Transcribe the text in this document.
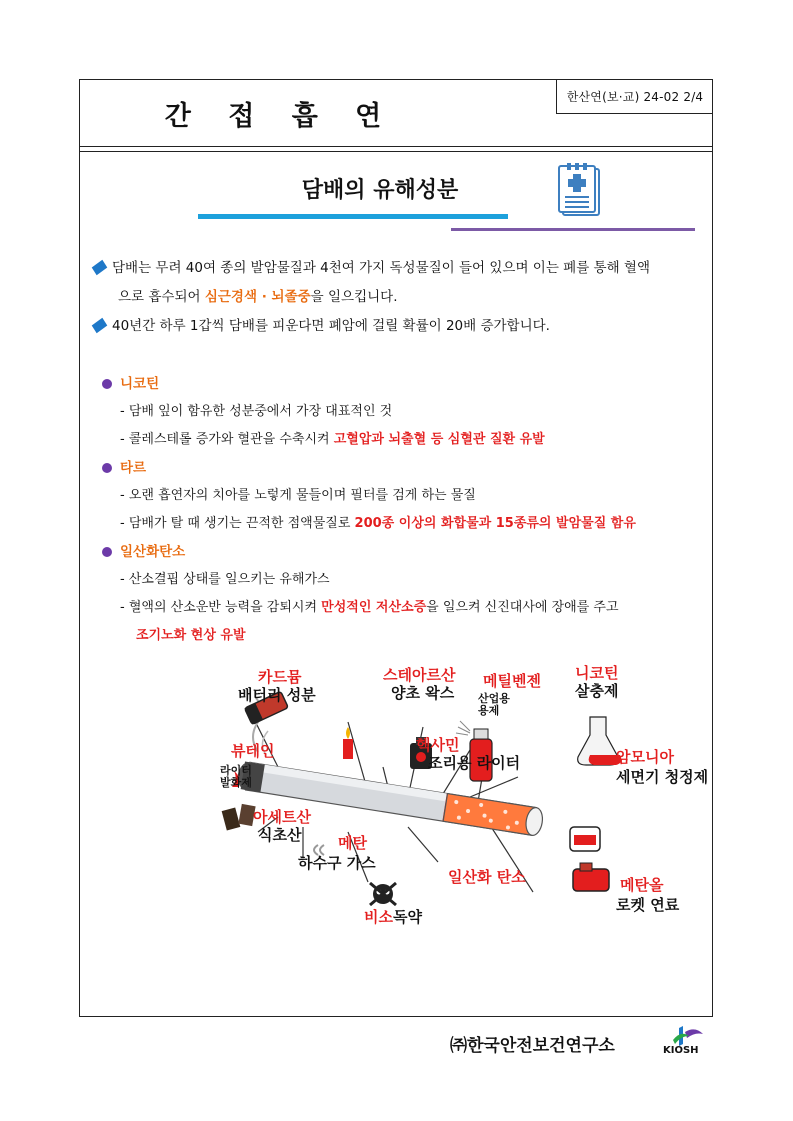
간 접 흡 연
한산연(보·교) 24-02 2/4
담배의 유해성분
담배는 무려 40여 종의 발암물질과 4천여 가지 독성물질이 들어 있으며 이는 폐를 통해 혈액
으로 흡수되어 심근경색 · 뇌졸중을 일으킵니다.
40년간 하루 1갑씩 담배를 피운다면 폐암에 걸릴 확률이 20배 증가합니다.
니코틴
- 담배 잎이 함유한 성분중에서 가장 대표적인 것
- 콜레스테롤 증가와 혈관을 수축시켜 고혈압과 뇌출혈 등 심혈관 질환 유발
타르
- 오랜 흡연자의 치아를 노렇게 물들이며 필터를 검게 하는 물질
- 담배가 탈 때 생기는 끈적한 점액물질로 200종 이상의 화합물과 15종류의 발암물질 함유
일산화탄소
- 산소결핍 상태를 일으키는 유해가스
- 혈액의 산소운반 능력을 감퇴시켜 만성적인 저산소증을 일으켜 신진대사에 장애를 주고
조기노화 현상 유발
카드뮴
배터리 성분
스테아르산
양초 왁스
메틸벤젠
산업용
용제
니코틴
살충제
뷰테인
라이터
발화제
헥사민
조리용 라이터	암모니아
세면기 청정제
아세트산
식초산 메탄
하수구 가스
일산화 탄소
비소독약
메탄올
로켓 연료
㈜한국안전보건연구소	KIOSH
